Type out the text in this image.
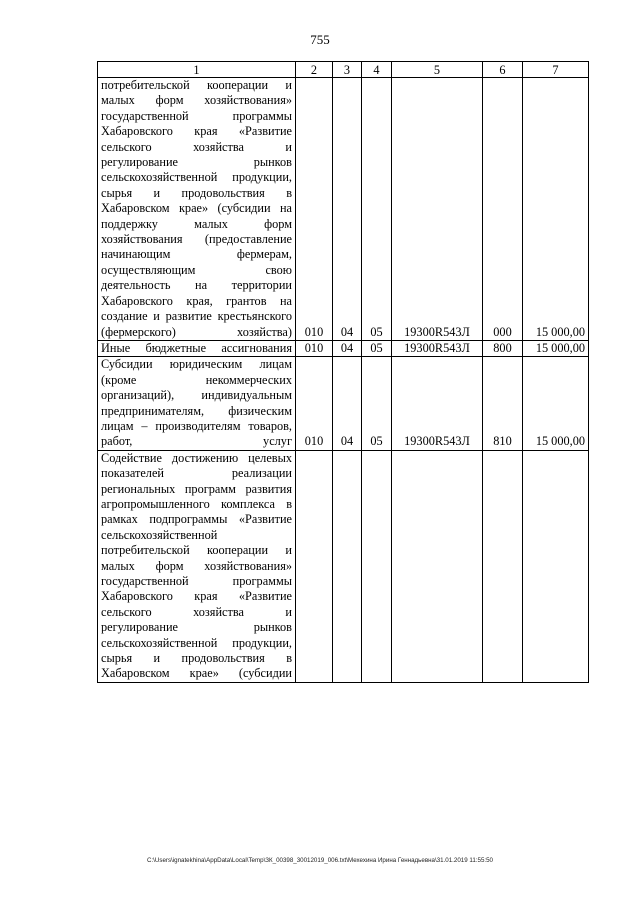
755
1	2	3	4	5	6	7
потребительской кооперации и малых форм хозяйствования» государственной программы Хабаровского края «Развитие сельского хозяйства и регулирование рынков сельскохозяйственной продукции, сырья и продовольствия в Хабаровском крае» (субсидии на поддержку малых форм хозяйствования (предоставление начинающим фермерам, осуществляющим свою деятельность на территории Хабаровского края, грантов на создание и развитие крестьянского (фермерского) хозяйства)	010	04	05	19300R543Л	000	15 000,00
Иные бюджетные ассигнования	010	04	05	19300R543Л	800	15 000,00
Субсидии юридическим лицам (кроме некоммерческих организаций), индивидуальным предпринимателям, физическим лицам – производителям товаров, работ, услуг	010	04	05	19300R543Л	810	15 000,00
Содействие достижению целевых показателей реализации региональных программ развития агропромышленного комплекса в рамках подпрограммы «Развитие сельскохозяйственной потребительской кооперации и малых форм хозяйствования» государственной программы Хабаровского края «Развитие сельского хозяйства и регулирование рынков сельскохозяйственной продукции, сырья и продовольствия в Хабаровском крае» (субсидии						
C:\Users\ignatekhina\AppData\Local\Temp\ЗК_00398_30012019_006.txt\Мехехина Ирина Геннадьевна\31.01.2019 11:55:50
